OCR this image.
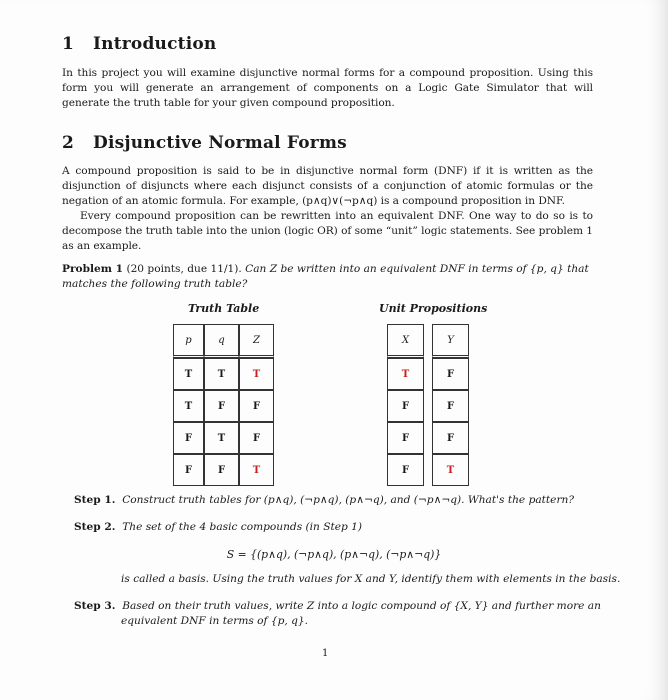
1 Introduction

In this project you will examine disjunctive normal forms for a compound proposition. Using this form you will generate an arrangement of components on a Logic Gate Simulator that will generate the truth table for your given compound proposition.

2 Disjunctive Normal Forms

A compound proposition is said to be in disjunctive normal form (DNF) if it is written as the disjunction of disjuncts where each disjunct consists of a conjunction of atomic formulas or the negation of an atomic formula. For example, (p∧q)∨(¬p∧q) is a compound proposition in DNF.

Every compound proposition can be rewritten into an equivalent DNF. One way to do so is to decompose the truth table into the union (logic OR) of some “unit” logic statements. See problem 1 as an example.

Problem 1 (20 points, due 11/1). Can Z be written into an equivalent DNF in terms of {p, q} that matches the following truth table?
Truth Table
p	q	Z
T	T	T
T	F	F
F	T	F
F	F	T
Unit Propositions
X	Y
T	F
F	F
F	F
F	T
Step 1. Construct truth tables for (p∧q), (¬p∧q), (p∧¬q), and (¬p∧¬q). What's the pattern?
Step 2. The set of the 4 basic compounds (in Step 1)
S = {(p∧q), (¬p∧q), (p∧¬q), (¬p∧¬q)}
is called a basis. Using the truth values for X and Y, identify them with elements in the basis.
Step 3. Based on their truth values, write Z into a logic compound of {X, Y} and further more an
equivalent DNF in terms of {p, q}.
1
